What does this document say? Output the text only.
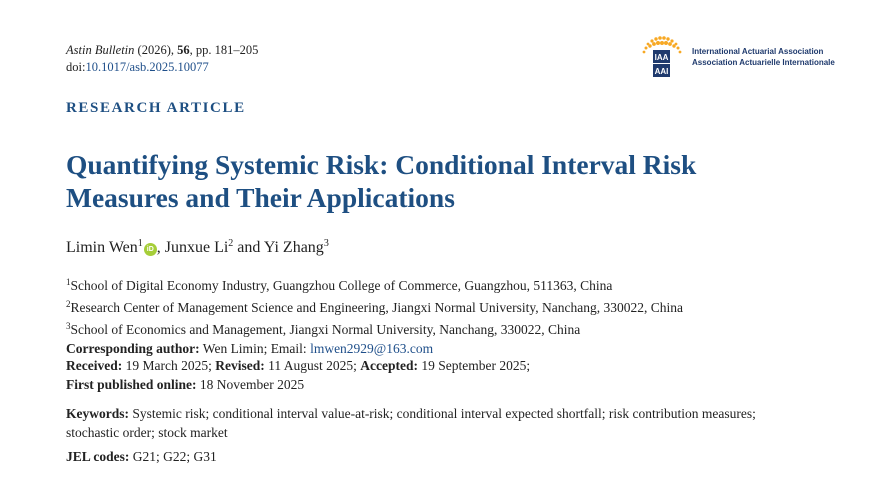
Astin Bulletin (2026), 56, pp. 181–205
doi:10.1017/asb.2025.10077
IAA
AAI
International Actuarial Association
Association Actuarielle Internationale
RESEARCH ARTICLE
Quantifying Systemic Risk: Conditional Interval Risk
Measures and Their Applications
Limin Wen$^1$iD , Junxue Li$^2$ and Yi Zhang$^3$
$^1$School of Digital Economy Industry, Guangzhou College of Commerce, Guangzhou, 511363, China
$^2$Research Center of Management Science and Engineering, Jiangxi Normal University, Nanchang, 330022, China
$^3$School of Economics and Management, Jiangxi Normal University, Nanchang, 330022, China
Corresponding author: Wen Limin; Email: lmwen2929@163.com
Received: 19 March 2025; Revised: 11 August 2025; Accepted: 19 September 2025;
First published online: 18 November 2025
Keywords: Systemic risk; conditional interval value-at-risk; conditional interval expected shortfall; risk contribution measures;
stochastic order; stock market
JEL codes: G21; G22; G31
